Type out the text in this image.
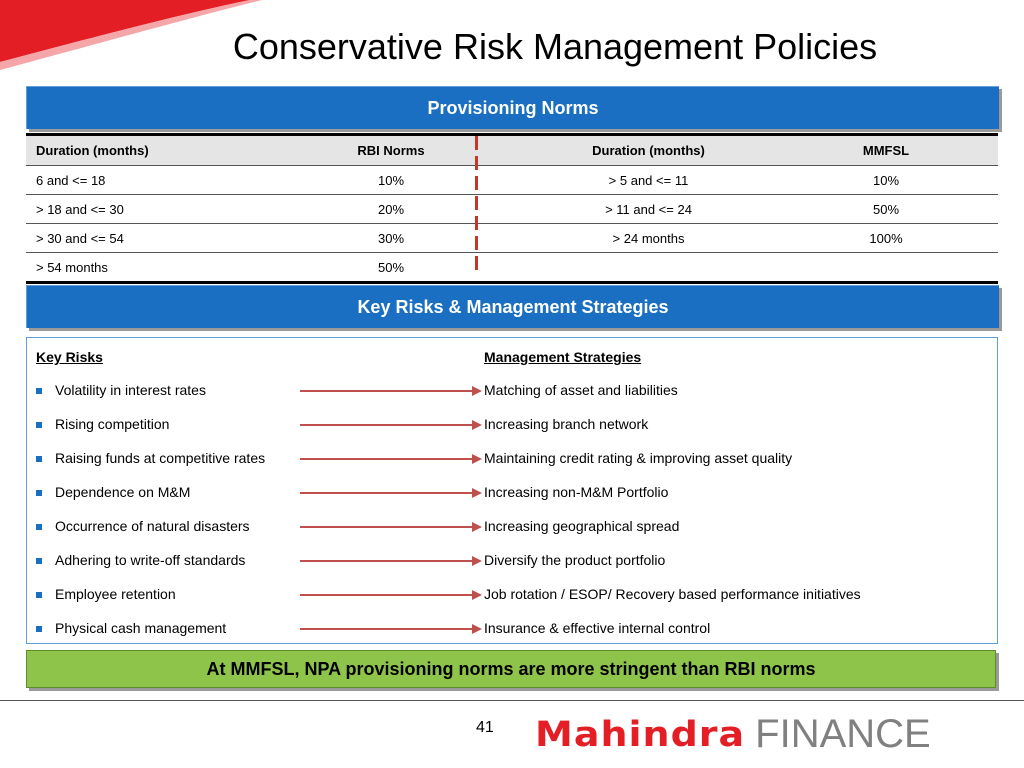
Conservative Risk Management Policies
Provisioning Norms
Duration (months)	RBI Norms	Duration (months)	MMFSL
6 and <= 18	10%	> 5 and <= 11	10%
> 18 and <= 30	20%	> 11 and <= 24	50%
> 30 and <= 54	30%	> 24 months	100%
> 54 months	50%
Key Risks & Management Strategies
Key Risks	Management Strategies
Volatility in interest rates	Matching of asset and liabilities
Rising competition	Increasing branch network
Raising funds at competitive rates	Maintaining credit rating & improving asset quality
Dependence on M&M	Increasing non-M&M Portfolio
Occurrence of natural disasters	Increasing geographical spread
Adhering to write-off standards	Diversify the product portfolio
Employee retention	Job rotation / ESOP/ Recovery based performance initiatives
Physical cash management	Insurance & effective internal control
At MMFSL, NPA provisioning norms are more stringent than RBI norms
41 Mahindra FINANCE
